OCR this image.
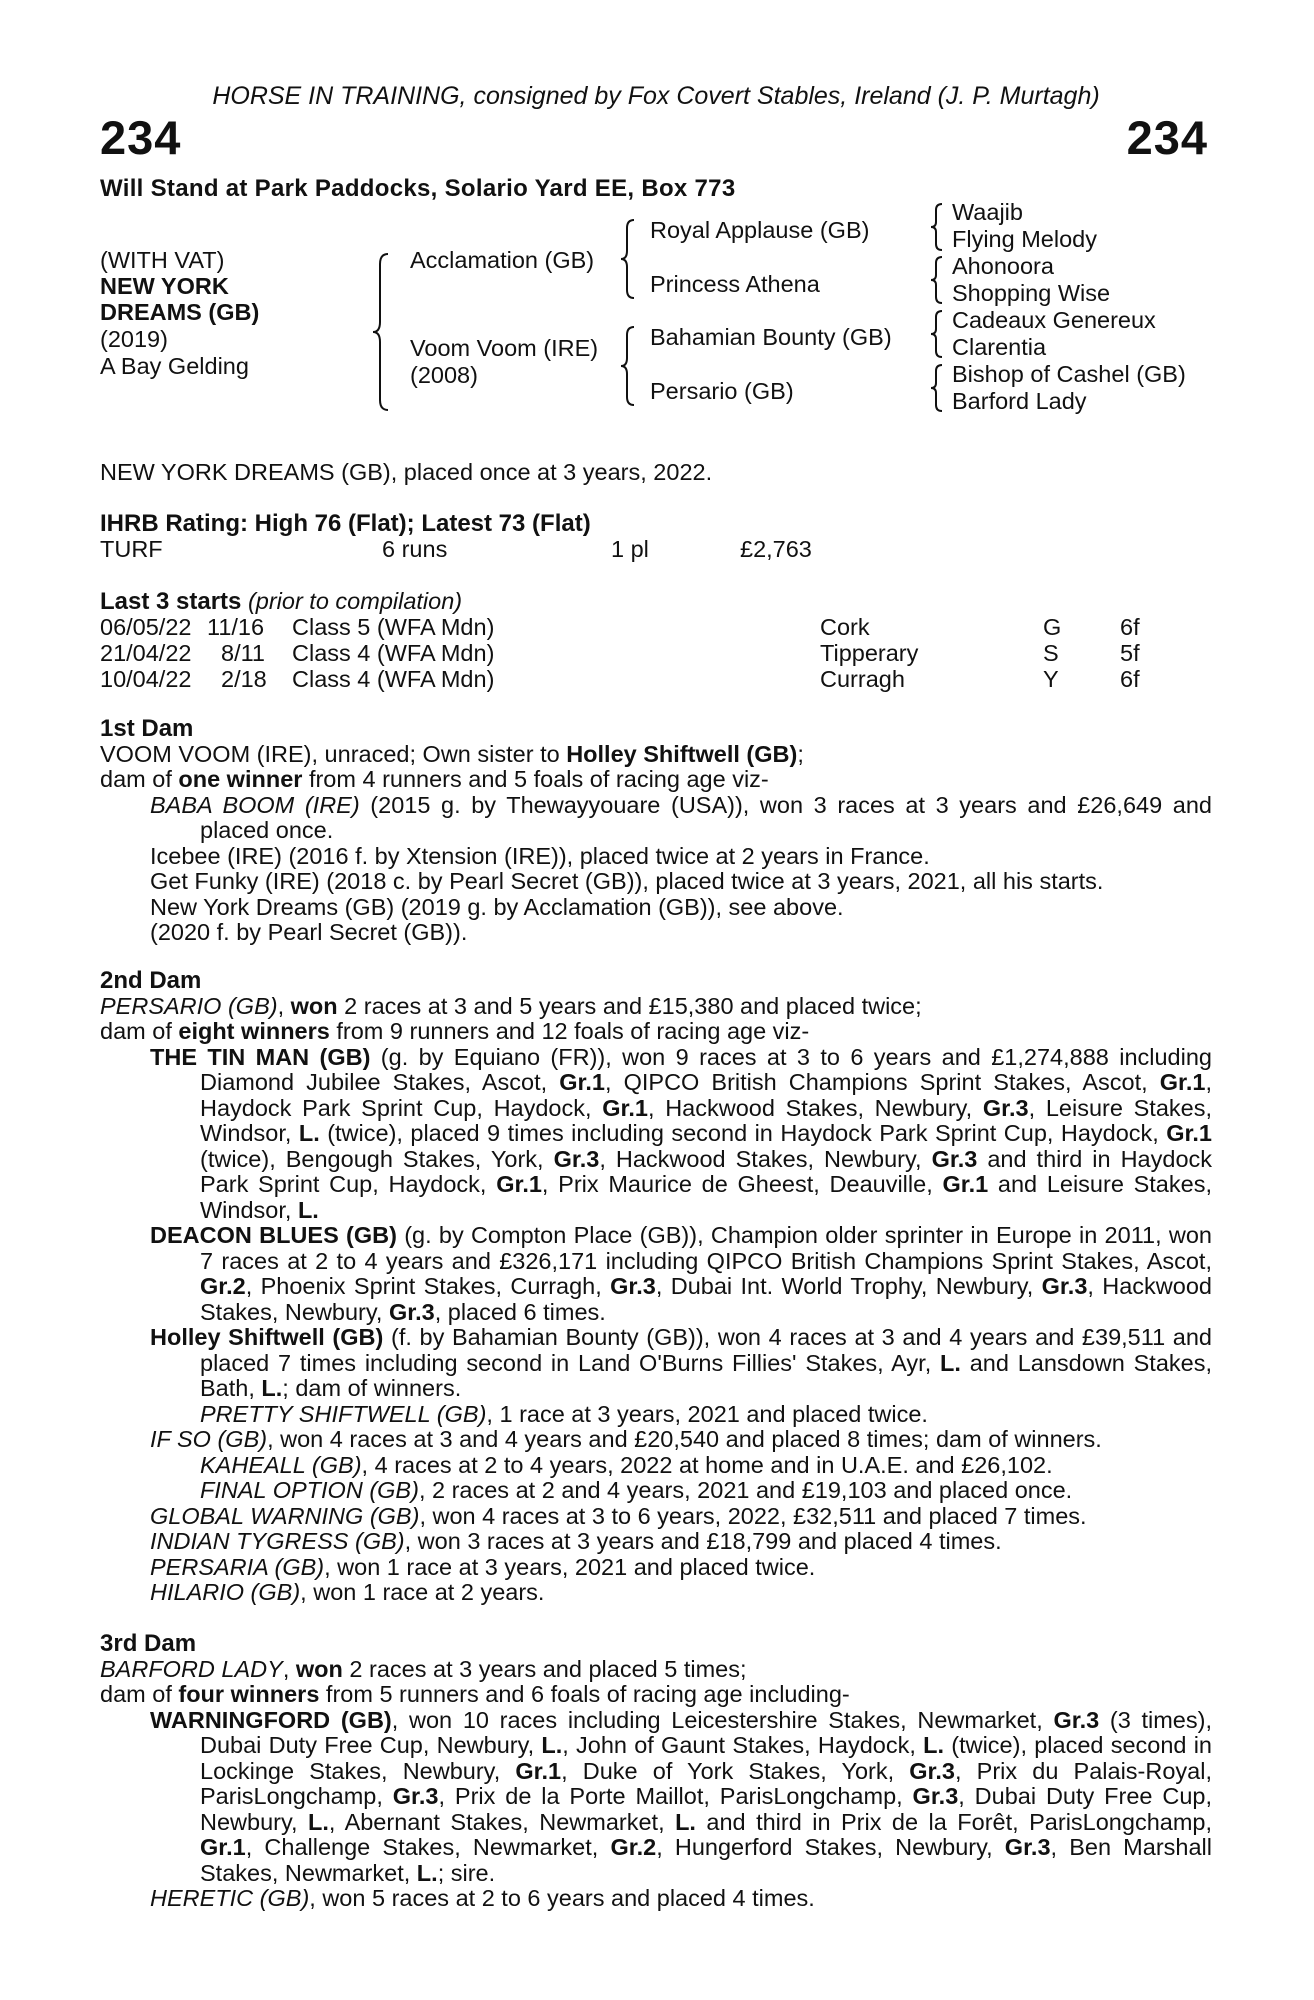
HORSE IN TRAINING, consigned by Fox Covert Stables, Ireland (J. P. Murtagh)
234	234
Will Stand at Park Paddocks, Solario Yard EE, Box 773
(WITH VAT)
NEW YORK
DREAMS (GB)
(2019)
A Bay Gelding
Acclamation (GB)
Voom Voom (IRE)
(2008)
Royal Applause (GB)
Princess Athena
Bahamian Bounty (GB)
Persario (GB)
Waajib
Flying Melody
Ahonoora
Shopping Wise
Cadeaux Genereux
Clarentia
Bishop of Cashel (GB)
Barford Lady
NEW YORK DREAMS (GB), placed once at 3 years, 2022.
IHRB Rating: High 76 (Flat); Latest 73 (Flat)
TURF	6 runs	1 pl	£2,763
Last 3 starts (prior to compilation)
06/05/22 11/16 Class 5 (WFA Mdn)	Cork	G 6f
21/04/22 8/11 Class 4 (WFA Mdn)	Tipperary	S	5f
10/04/22 2/18 Class 4 (WFA Mdn)	Curragh	Y	6f

1st Dam

VOOM VOOM (IRE), unraced; Own sister to Holley Shiftwell (GB);

dam of one winner from 4 runners and 5 foals of racing age viz-

BABA BOOM (IRE) (2015 g. by Thewayyouare (USA)), won 3 races at 3 years and £26,649 and placed once.

Icebee (IRE) (2016 f. by Xtension (IRE)), placed twice at 2 years in France.

Get Funky (IRE) (2018 c. by Pearl Secret (GB)), placed twice at 3 years, 2021, all his starts.

New York Dreams (GB) (2019 g. by Acclamation (GB)), see above.

(2020 f. by Pearl Secret (GB)).

2nd Dam

PERSARIO (GB), won 2 races at 3 and 5 years and £15,380 and placed twice;

dam of eight winners from 9 runners and 12 foals of racing age viz-

THE TIN MAN (GB) (g. by Equiano (FR)), won 9 races at 3 to 6 years and £1,274,888 including Diamond Jubilee Stakes, Ascot, Gr.1, QIPCO British Champions Sprint Stakes, Ascot, Gr.1, Haydock Park Sprint Cup, Haydock, Gr.1, Hackwood Stakes, Newbury, Gr.3, Leisure Stakes, Windsor, L. (twice), placed 9 times including second in Haydock Park Sprint Cup, Haydock, Gr.1 (twice), Bengough Stakes, York, Gr.3, Hackwood Stakes, Newbury, Gr.3 and third in Haydock Park Sprint Cup, Haydock, Gr.1, Prix Maurice de Gheest, Deauville, Gr.1 and Leisure Stakes, Windsor, L.

DEACON BLUES (GB) (g. by Compton Place (GB)), Champion older sprinter in Europe in 2011, won 7 races at 2 to 4 years and £326,171 including QIPCO British Champions Sprint Stakes, Ascot, Gr.2, Phoenix Sprint Stakes, Curragh, Gr.3, Dubai Int. World Trophy, Newbury, Gr.3, Hackwood Stakes, Newbury, Gr.3, placed 6 times.

Holley Shiftwell (GB) (f. by Bahamian Bounty (GB)), won 4 races at 3 and 4 years and £39,511 and placed 7 times including second in Land O'Burns Fillies' Stakes, Ayr, L. and Lansdown Stakes, Bath, L.; dam of winners.

PRETTY SHIFTWELL (GB), 1 race at 3 years, 2021 and placed twice.

IF SO (GB), won 4 races at 3 and 4 years and £20,540 and placed 8 times; dam of winners.

KAHEALL (GB), 4 races at 2 to 4 years, 2022 at home and in U.A.E. and £26,102.

FINAL OPTION (GB), 2 races at 2 and 4 years, 2021 and £19,103 and placed once.

GLOBAL WARNING (GB), won 4 races at 3 to 6 years, 2022, £32,511 and placed 7 times.

INDIAN TYGRESS (GB), won 3 races at 3 years and £18,799 and placed 4 times.

PERSARIA (GB), won 1 race at 3 years, 2021 and placed twice.

HILARIO (GB), won 1 race at 2 years.

3rd Dam

BARFORD LADY, won 2 races at 3 years and placed 5 times;

dam of four winners from 5 runners and 6 foals of racing age including-

WARNINGFORD (GB), won 10 races including Leicestershire Stakes, Newmarket, Gr.3 (3 times), Dubai Duty Free Cup, Newbury, L., John of Gaunt Stakes, Haydock, L. (twice), placed second in Lockinge Stakes, Newbury, Gr.1, Duke of York Stakes, York, Gr.3, Prix du Palais-Royal, ParisLongchamp, Gr.3, Prix de la Porte Maillot, ParisLongchamp, Gr.3, Dubai Duty Free Cup, Newbury, L., Abernant Stakes, Newmarket, L. and third in Prix de la Forêt, ParisLongchamp, Gr.1, Challenge Stakes, Newmarket, Gr.2, Hungerford Stakes, Newbury, Gr.3, Ben Marshall Stakes, Newmarket, L.; sire.

HERETIC (GB), won 5 races at 2 to 6 years and placed 4 times.
